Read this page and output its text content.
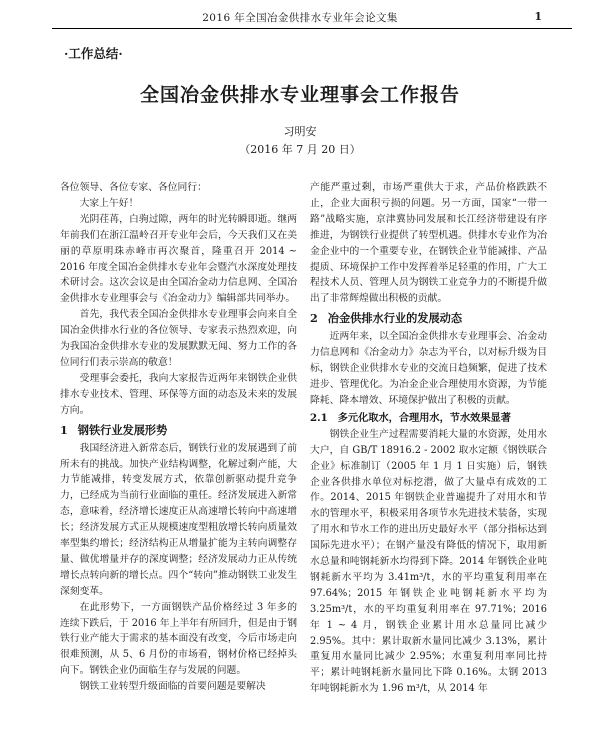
2016 年全国冶金供排水专业年会论文集	1
·工作总结·
全国冶金供排水专业理事会工作报告
习明安
（2016 年 7 月 20 日）

各位领导、各位专家、各位同行：

大家上午好！

光阴荏苒，白驹过隙，两年的时光转瞬即逝。继两年前我们在浙江温岭召开专业年会后，今天我们又在美丽的草原明珠赤峰市再次聚首，隆重召开 2014 ~ 2016 年度全国冶金供排水专业年会暨汽水深度处理技术研讨会。这次会议是由全国冶金动力信息网、全国冶金供排水专业理事会与《冶金动力》编辑部共同举办。

首先，我代表全国冶金供排水专业理事会向来自全国冶金供排水行业的各位领导、专家表示热烈欢迎，向为我国冶金供排水专业的发展默默无闻、努力工作的各位同行们表示崇高的敬意！

受理事会委托，我向大家报告近两年来钢铁企业供排水专业技术、管理、环保等方面的动态及未来的发展方向。

1 钢铁行业发展形势

我国经济进入新常态后，钢铁行业的发展遇到了前所未有的挑战。加快产业结构调整，化解过剩产能，大力节能减排，转变发展方式，依靠创新驱动提升竞争力，已经成为当前行业面临的重任。经济发展进入新常态，意味着，经济增长速度正从高速增长转向中高速增长；经济发展方式正从规模速度型粗放增长转向质量效率型集约增长；经济结构正从增量扩能为主转向调整存量、做优增量并存的深度调整；经济发展动力正从传统增长点转向新的增长点。四个“转向”推动钢铁工业发生深刻变革。

在此形势下，一方面钢铁产品价格经过 3 年多的连续下跌后，于 2016 年上半年有所回升，但是由于钢铁行业产能大于需求的基本面没有改变，今后市场走向很难预测，从 5、6 月份的市场看，钢材价格已经掉头向下。钢铁企业仍面临生存与发展的问题。

钢铁工业转型升级面临的首要问题是要解决

产能严重过剩，市场严重供大于求，产品价格跌跌不止，企业大面积亏损的问题。另一方面，国家“一带一路”战略实施，京津冀协同发展和长江经济带建设有序推进，为钢铁行业提供了转型机遇。供排水专业作为冶金企业中的一个重要专业，在钢铁企业节能减排、产品提质、环境保护工作中发挥着举足轻重的作用，广大工程技术人员、管理人员为钢铁工业竞争力的不断提升做出了非常辉煌做出积极的贡献。

2 冶金供排水行业的发展动态

近两年来，以全国冶金供排水专业理事会、冶金动力信息网和《冶金动力》杂志为平台，以对标升级为目标，钢铁企业供排水专业的交流日趋频繁，促进了技术进步、管理优化。为冶金企业合理使用水资源，为节能降耗、降本增效、环境保护做出了积极的贡献。

2.1 多元化取水，合理用水，节水效果显著

钢铁企业生产过程需要消耗大量的水资源，处用水大户，自 GB/T 18916.2 - 2002 取水定额《钢铁联合企业》标准制订（2005 年 1 月 1 日实施）后，钢铁企业各供排水单位对标挖潜，做了大量卓有成效的工作。2014、2015 年钢铁企业普遍提升了对用水和节水的管理水平，积极采用各项节水先进技术装备，实现了用水和节水工作的进出历史最好水平（部分指标达到国际先进水平）；在钢产量没有降低的情况下，取用新水总量和吨钢耗新水均得到下降。2014 年钢铁企业吨钢耗新水平均为 3.41m³/t，水的平均重复利用率在 97.64%；2015 年钢铁企业吨钢耗新水平均为 3.25m³/t，水的平均重复利用率在 97.71%；2016 年 1 ~ 4 月，钢铁企业累计用水总量同比减少 2.95%。其中：累计取新水量同比减少 3.13%，累计重复用水量同比减少 2.95%；水重复利用率同比持平；累计吨钢耗新水量同比下降 0.16%。太钢 2013 年吨钢耗新水为 1.96 m³/t，从 2014 年
